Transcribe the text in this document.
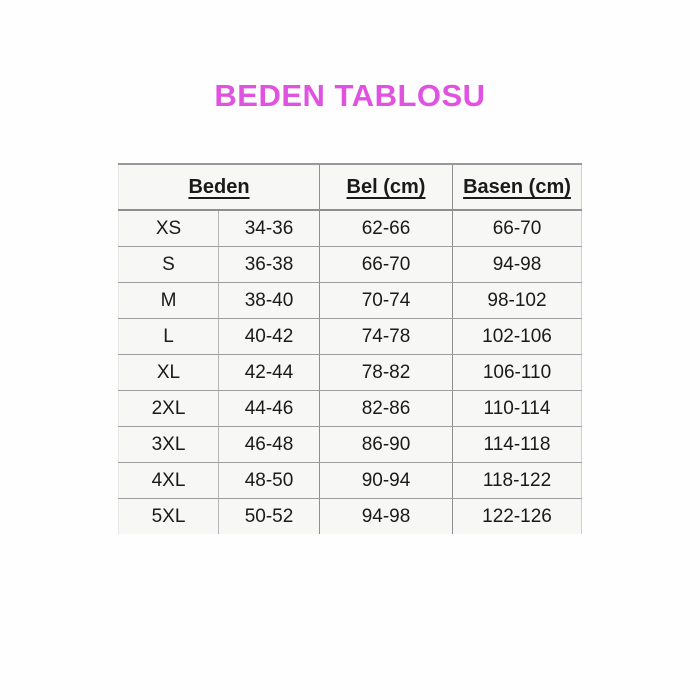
BEDEN TABLOSU
Beden		Bel (cm)	Basen (cm)
XS	34-36	62-66	66-70
S	36-38	66-70	94-98
M	38-40	70-74	98-102
L	40-42	74-78	102-106
XL	42-44	78-82	106-110
2XL	44-46	82-86	110-114
3XL	46-48	86-90	114-118
4XL	48-50	90-94	118-122
5XL	50-52	94-98	122-126
